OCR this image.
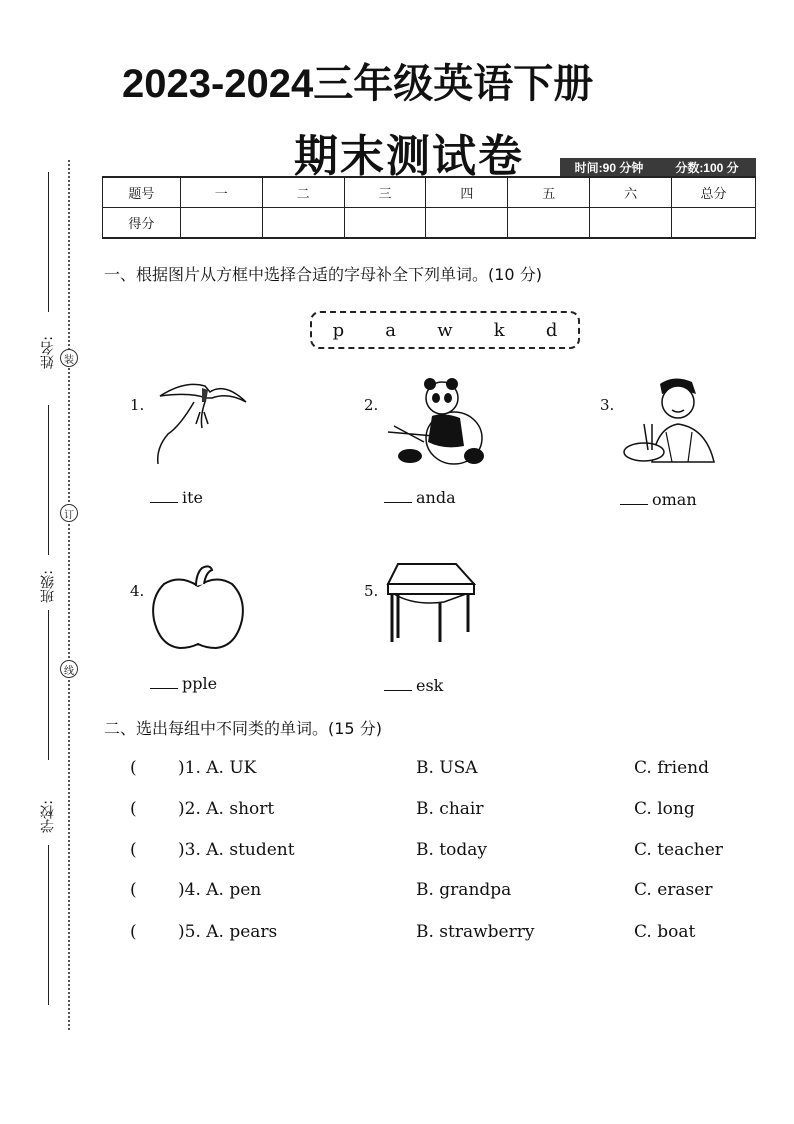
2023-2024三年级英语下册
期末测试卷	时间:90 分钟	分数:100 分
题号	一	二	三	四	五	六	总分
得分							
姓名:
班级:
学校:
装
订
线
一、根据图片从方框中选择合适的字母补全下列单词。(10 分)
p a w k d
1.
ite
2.
anda
3.
oman
4.
pple
5.
esk
二、选出每组中不同类的单词。(15 分)
( )1. A. UK	B. USA	C. friend
( )2. A. short	B. chair	C. long
( )3. A. student	B. today	C. teacher
( )4. A. pen	B. grandpa	C. eraser
( )5. A. pears	B. strawberry	C. boat
